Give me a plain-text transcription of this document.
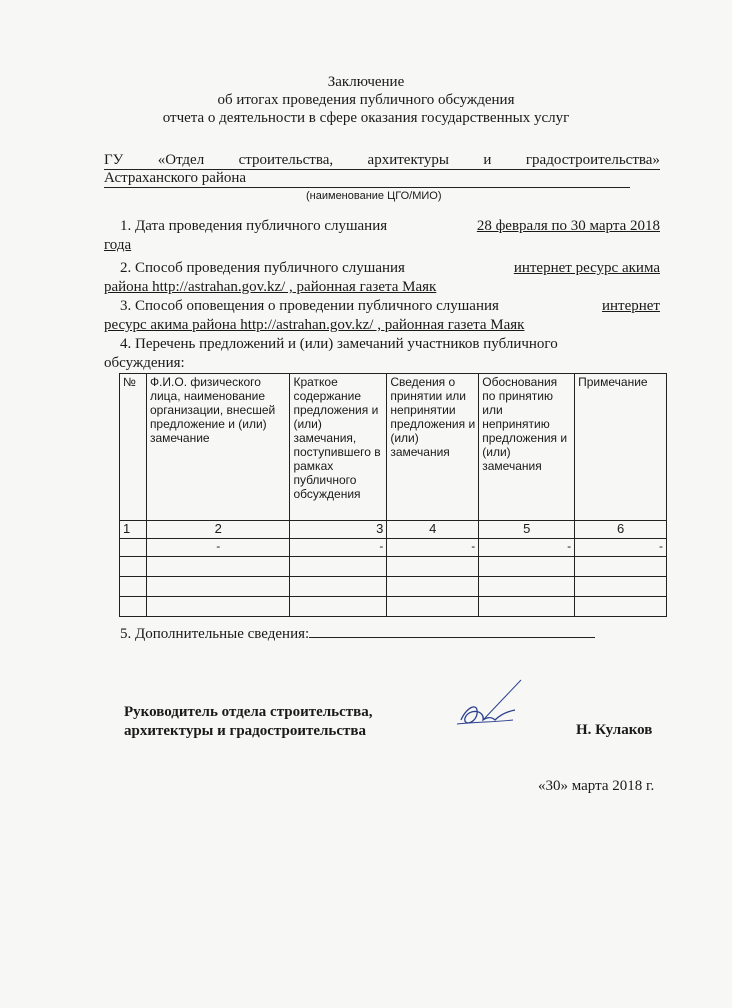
Заключение
об итогах проведения публичного обсуждения
отчета о деятельности в сфере оказания государственных услуг
ГУ «Отдел строительства, архитектуры и градостроительства»
Астраханского района
(наименование ЦГО/МИО)
1. Дата проведения публичного слушания	28 февраля по 30 марта 2018
года
2. Способ проведения публичного слушания	интернет ресурс акима
района http://astrahan.gov.kz/ , районная газета Маяк
3. Способ оповещения о проведении публичного слушания	интернет
ресурс акима района http://astrahan.gov.kz/ , районная газета Маяк
4. Перечень предложений и (или) замечаний участников публичного
обсуждения:
№	Ф.И.О. физического лица, наименование организации, внесшей предложение и (или) замечание	Краткое содержание предложения и (или) замечания, поступившего в рамках публичного обсуждения	Сведения о принятии или непринятии предложения и (или) замечания	Обоснования по принятию или непринятию предложения и (или) замечания	Примечание
1	2	3	4	5	6
	-	-	-	-	-

5. Дополнительные сведения:
Руководитель отдела строительства,
архитектуры и градостроительства	Н. Кулаков
«30» марта 2018 г.
